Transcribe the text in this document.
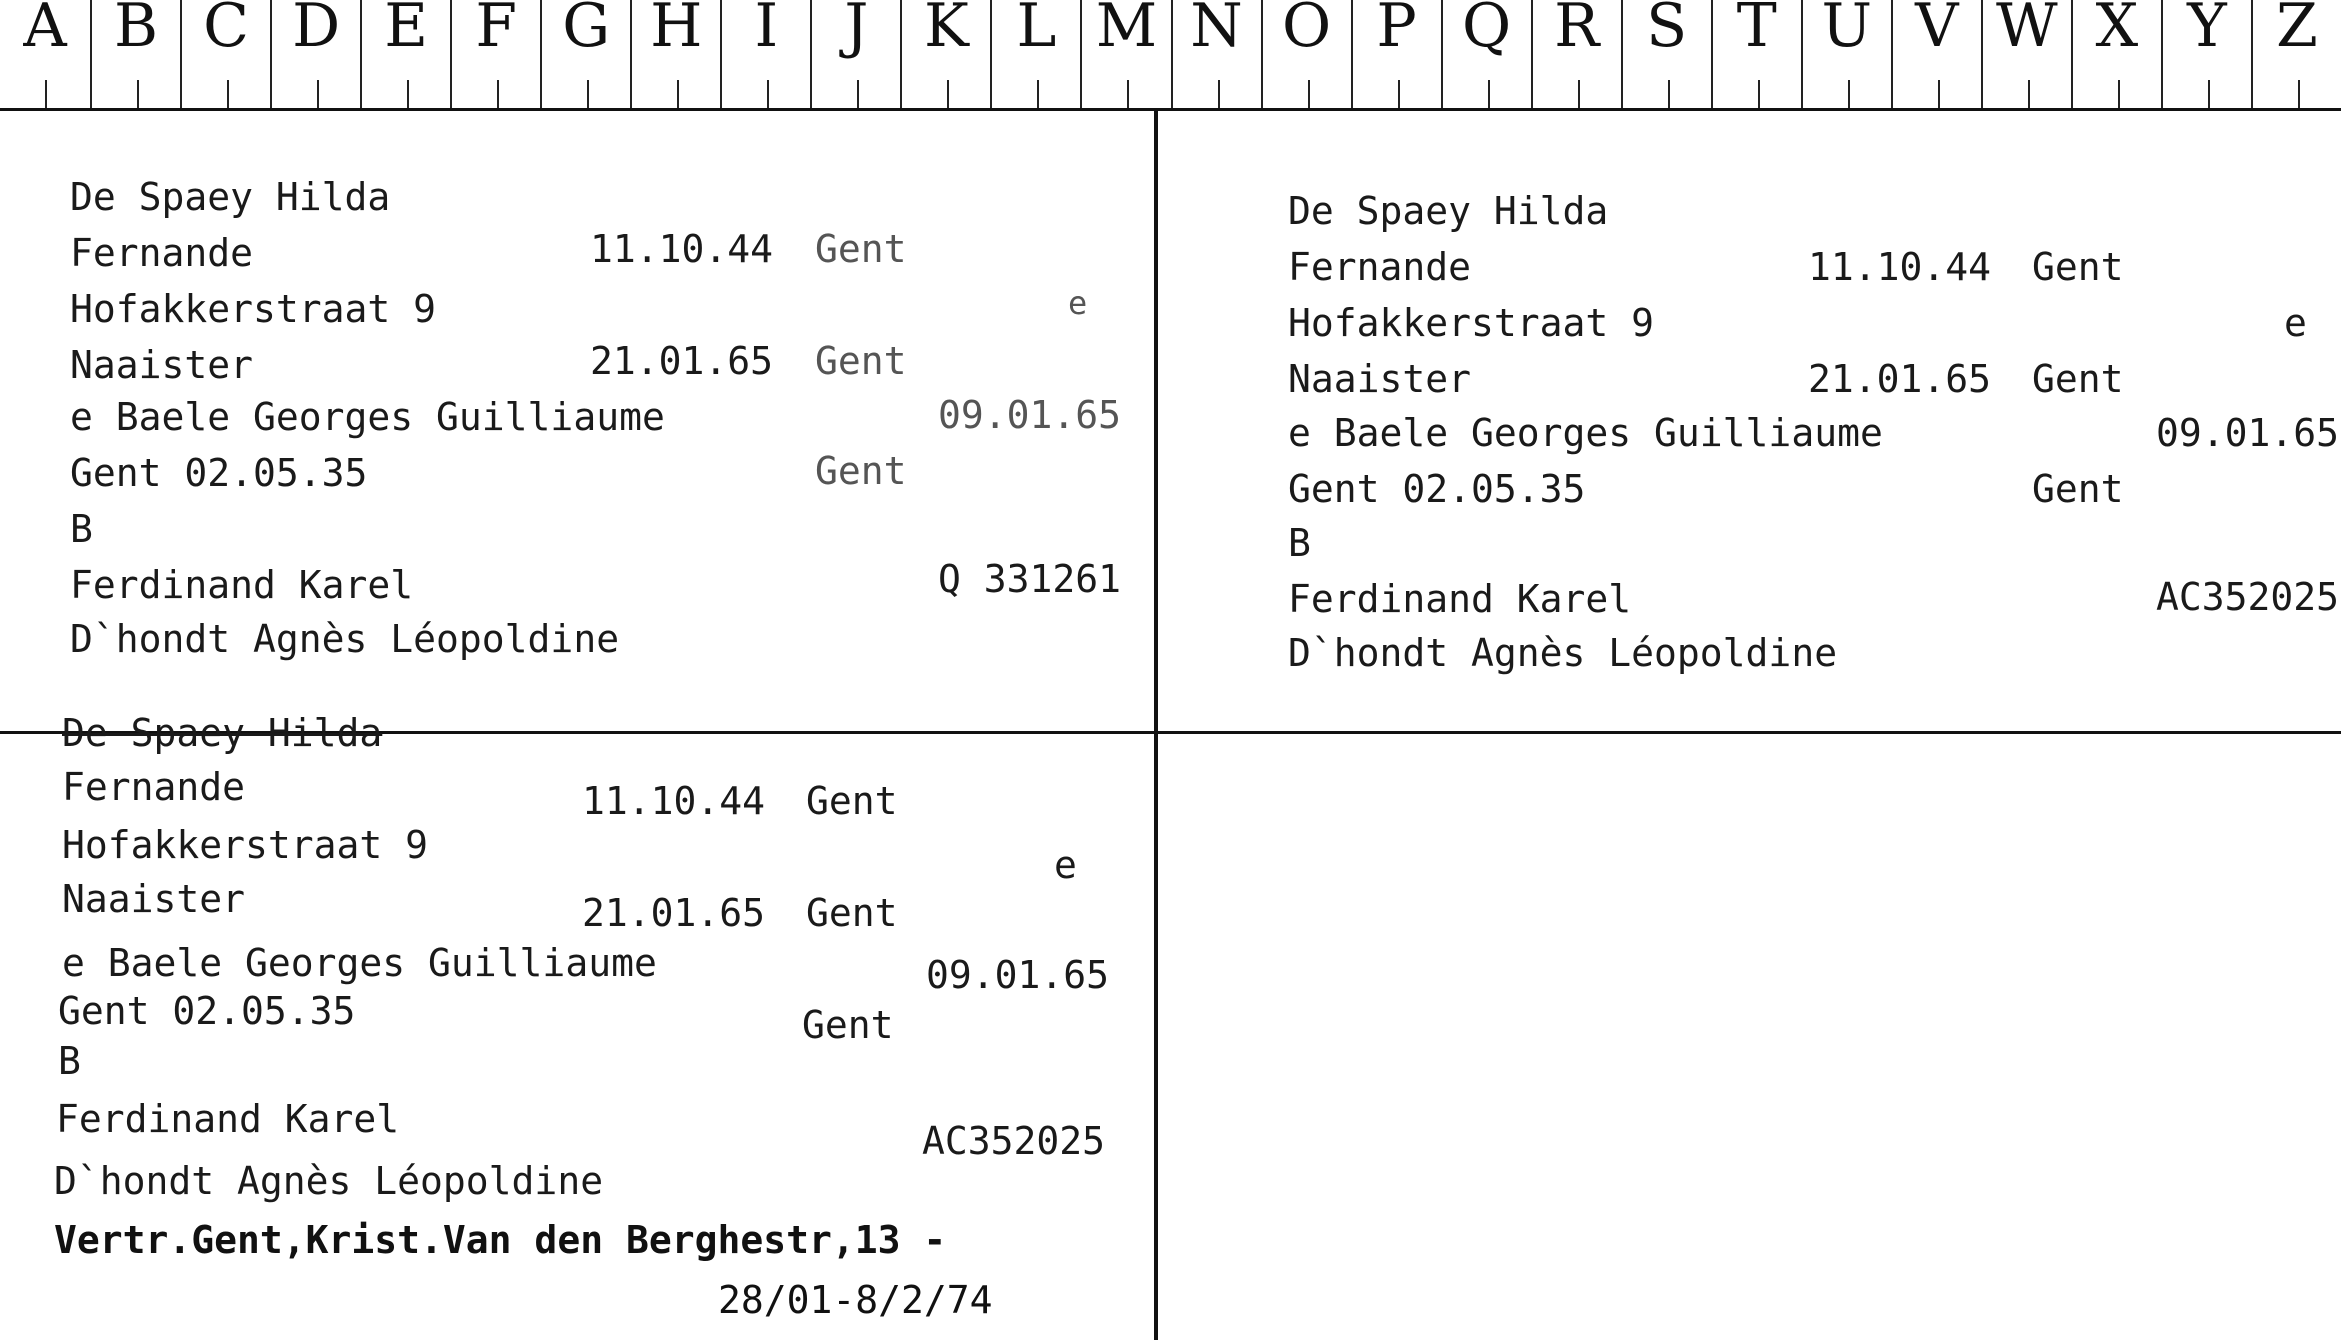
A B C D E F G H I	J K L M N O P Q R S T U V W X Y Z
De Spaey Hilda
Fernande	11.10.44 Gent
Hofakkerstraat 9	e
Naaister	21.01.65 Gent
e Baele Georges Guilliaume	09.01.65
Gent 02.05.35	Gent
B
Ferdinand Karel	Q 331261
D`hondt Agnès Léopoldine
De Spaey Hilda
Fernande	11.10.44 Gent
Hofakkerstraat 9	e
Naaister	21.01.65 Gent
e Baele Georges Guilliaume	09.01.65
Gent 02.05.35	Gent
B
Ferdinand Karel	AC352025
D`hondt Agnès Léopoldine
De Spaey Hilda
Fernande	11.10.44 Gent
Hofakkerstraat 9	e
Naaister	21.01.65 Gent
e Baele Georges Guilliaume	09.01.65
Gent 02.05.35	Gent
B
Ferdinand Karel	AC352025
D`hondt Agnès Léopoldine
Vertr.Gent,Krist.Van den Berghestr,13 -
28/01-8/2/74
